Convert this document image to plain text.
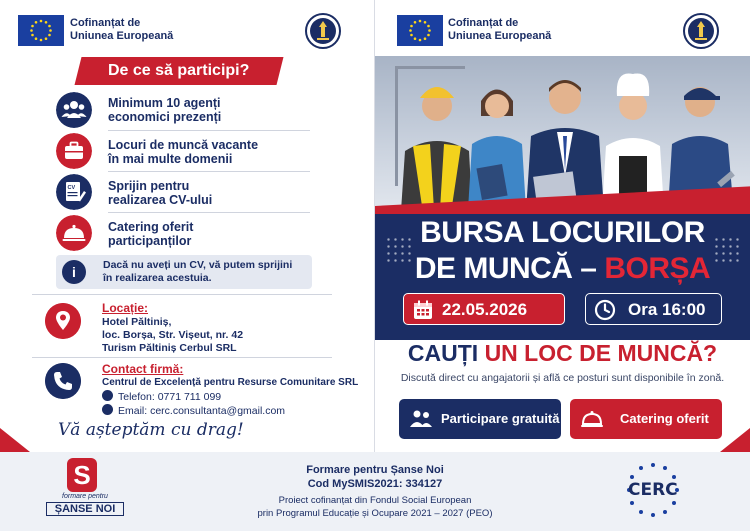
Cofinanțat de
Uniunea Europeană
De ce să participi?
Minimum 10 agenți
economici prezenți
Locuri de muncă vacante
în mai multe domenii
CV	Sprijin pentru
realizarea CV-ului
Catering oferit
participanților
i	Dacă nu aveți un CV, vă putem sprijini
în realizarea acestuia.
Locație:
Hotel Păltiniș,
loc. Borșa, Str. Vișeut, nr. 42
Turism Păltiniș Cerbul SRL
Contact firmă:
Centrul de Excelență pentru Resurse Comunitare SRL
Telefon: 0771 711 099
Email: cerc.consultanta@gmail.com
Vă așteptăm cu drag!
Cofinanțat de
Uniunea Europeană
BURSA LOCURILOR
DE MUNCĂ – BORȘA
22.05.2026	Ora 16:00
CAUȚI UN LOC DE MUNCĂ?
Discută direct cu angajatorii și află ce posturi sunt disponibile în zonă.
Participare gratuită	Catering oferit
Formare pentru Șanse Noi
Cod MySMIS2021: 334127
Proiect cofinanțat din Fondul Social European
prin Programul Educație și Ocupare 2021 – 2027 (PEO)
S
formare pentru
ȘANSE NOI
CERC
